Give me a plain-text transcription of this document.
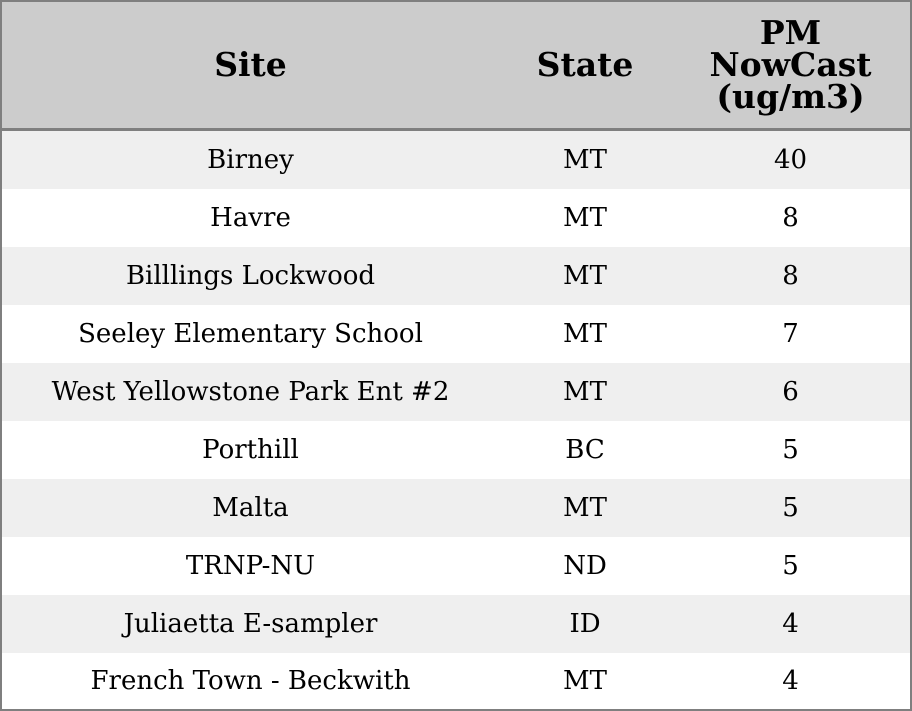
Site	State	PM
NowCast
(ug/m3)
Birney	MT	40
Havre	MT	8
Billlings Lockwood	MT	8
Seeley Elementary School	MT	7
West Yellowstone Park Ent #2	MT	6
Porthill	BC	5
Malta	MT	5
TRNP-NU	ND	5
Juliaetta E-sampler	ID	4
French Town - Beckwith	MT	4
